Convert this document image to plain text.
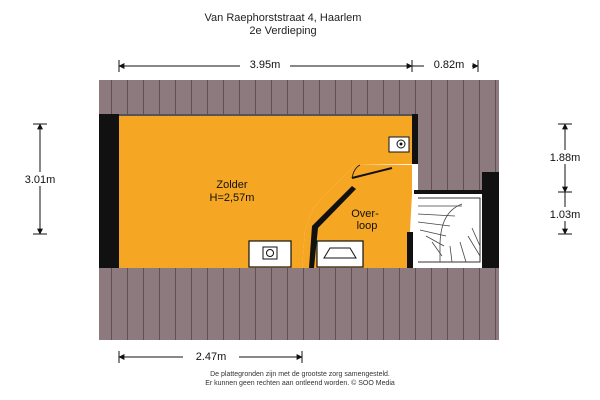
Van Raephorststraat 4, Haarlem
2e Verdieping
Zolder
H=2,57m
Over-
loop
3.95m	0.82m
3.01m
1.88m
1.03m
2.47m
De plattegronden zijn met de grootste zorg samengesteld.
Er kunnen geen rechten aan ontleend worden. © SOO Media
